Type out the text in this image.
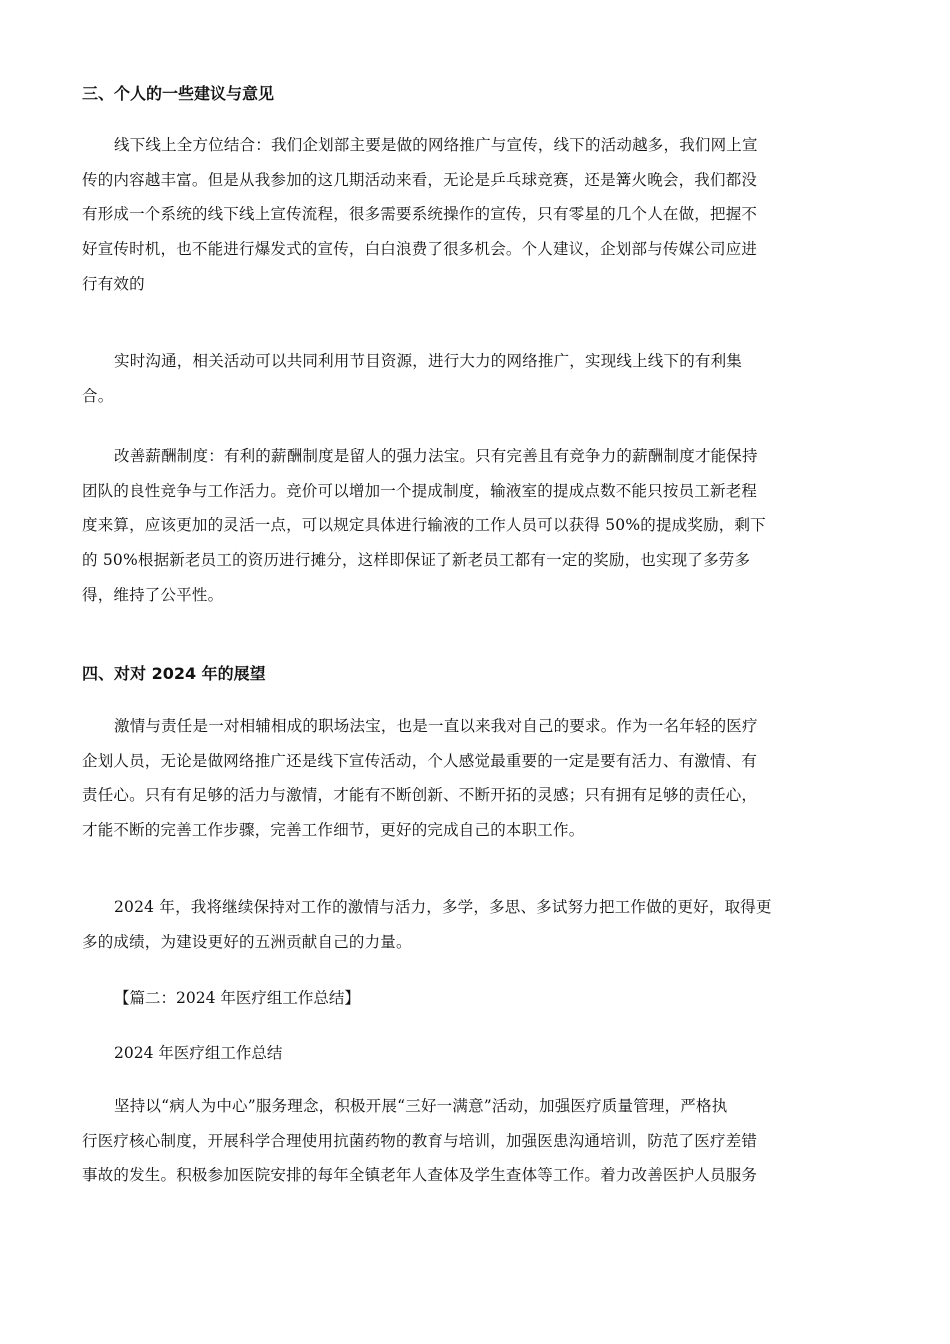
三、个人的一些建议与意见

线下线上全方位结合：我们企划部主要是做的网络推广与宣传，线下的活动越多，我们网上宣
传的内容越丰富。但是从我参加的这几期活动来看，无论是乒乓球竞赛，还是篝火晚会，我们都没
有形成一个系统的线下线上宣传流程，很多需要系统操作的宣传，只有零星的几个人在做，把握不
好宣传时机，也不能进行爆发式的宣传，白白浪费了很多机会。个人建议，企划部与传媒公司应进
行有效的

实时沟通，相关活动可以共同利用节目资源，进行大力的网络推广，实现线上线下的有利集
合。

改善薪酬制度：有利的薪酬制度是留人的强力法宝。只有完善且有竞争力的薪酬制度才能保持
团队的良性竞争与工作活力。竞价可以增加一个提成制度，输液室的提成点数不能只按员工新老程
度来算，应该更加的灵活一点，可以规定具体进行输液的工作人员可以获得 50%的提成奖励，剩下
的 50%根据新老员工的资历进行摊分，这样即保证了新老员工都有一定的奖励，也实现了多劳多
得，维持了公平性。

四、对对 2024 年的展望

激情与责任是一对相辅相成的职场法宝，也是一直以来我对自己的要求。作为一名年轻的医疗
企划人员，无论是做网络推广还是线下宣传活动，个人感觉最重要的一定是要有活力、有激情、有
责任心。只有有足够的活力与激情，才能有不断创新、不断开拓的灵感；只有拥有足够的责任心，
才能不断的完善工作步骤，完善工作细节，更好的完成自己的本职工作。

2024 年，我将继续保持对工作的激情与活力，多学，多思、多试努力把工作做的更好，取得更
多的成绩，为建设更好的五洲贡献自己的力量。

【篇二：2024 年医疗组工作总结】

2024 年医疗组工作总结

坚持以“病人为中心”服务理念，积极开展“三好一满意”活动，加强医疗质量管理，严格执
行医疗核心制度，开展科学合理使用抗菌药物的教育与培训，加强医患沟通培训，防范了医疗差错
事故的发生。积极参加医院安排的每年全镇老年人查体及学生查体等工作。着力改善医护人员服务
